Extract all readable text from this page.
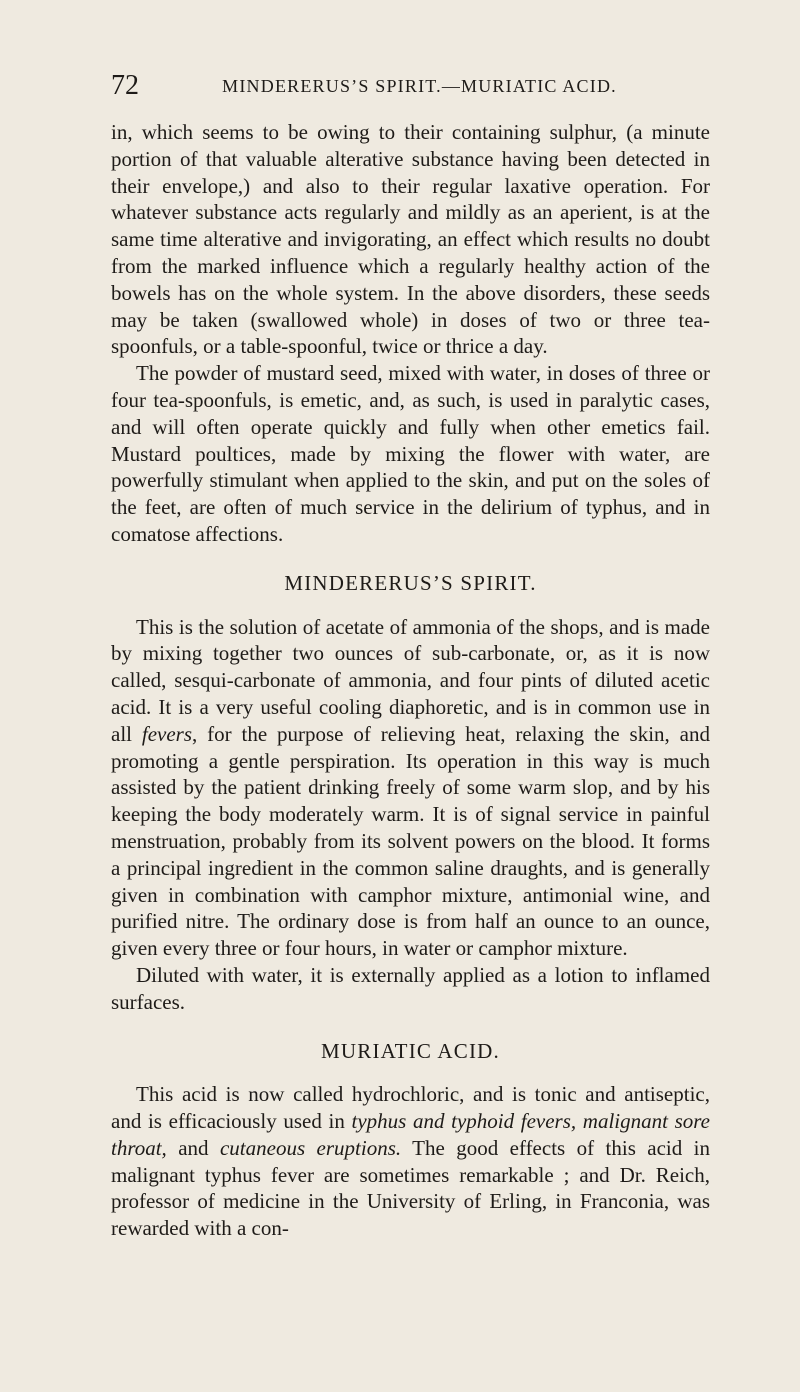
72	MINDERERUS’S SPIRIT.—MURIATIC ACID.

in, which seems to be owing to their containing sulphur, (a minute portion of that valuable alterative substance having been detected in their envelope,) and also to their regular laxative operation. For whatever substance acts regularly and mildly as an aperient, is at the same time alterative and invigorating, an effect which results no doubt from the marked influence which a regularly healthy action of the bowels has on the whole system. In the above disorders, these seeds may be taken (swallowed whole) in doses of two or three tea-spoonfuls, or a table-spoonful, twice or thrice a day.

The powder of mustard seed, mixed with water, in doses of three or four tea-spoonfuls, is emetic, and, as such, is used in paralytic cases, and will often operate quickly and fully when other emetics fail. Mustard poultices, made by mixing the flower with water, are powerfully stimulant when applied to the skin, and put on the soles of the feet, are often of much service in the delirium of typhus, and in comatose affections.

MINDERERUS’S SPIRIT.

This is the solution of acetate of ammonia of the shops, and is made by mixing together two ounces of sub-carbonate, or, as it is now called, sesqui-carbonate of ammonia, and four pints of diluted acetic acid. It is a very useful cooling diaphoretic, and is in common use in all fevers, for the purpose of relieving heat, relaxing the skin, and promoting a gentle perspiration. Its operation in this way is much assisted by the patient drinking freely of some warm slop, and by his keeping the body moderately warm. It is of signal service in painful menstruation, probably from its solvent powers on the blood. It forms a principal ingredient in the common saline draughts, and is generally given in combination with camphor mixture, antimonial wine, and purified nitre. The ordinary dose is from half an ounce to an ounce, given every three or four hours, in water or camphor mixture.

Diluted with water, it is externally applied as a lotion to inflamed surfaces.

MURIATIC ACID.

This acid is now called hydrochloric, and is tonic and antiseptic, and is efficaciously used in typhus and typhoid fevers, malignant sore throat, and cutaneous eruptions. The good effects of this acid in malignant typhus fever are sometimes remarkable ; and Dr. Reich, professor of medicine in the University of Erling, in Franconia, was rewarded with a con-
